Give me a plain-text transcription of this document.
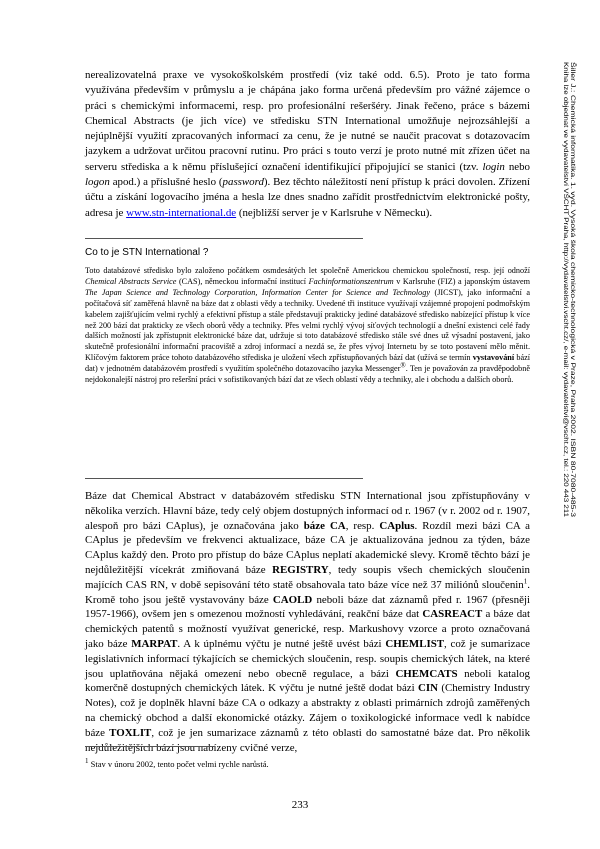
nerealizovatelná praxe ve vysokoškolském prostředí (viz také odd. 6.5). Proto je tato forma využívána především v průmyslu a je chápána jako forma určená především pro vážné zájemce o práci s chemickými informacemi, resp. pro profesionální rešeršéry. Jinak řečeno, práce s bázemi Chemical Abstracts (je jich více) ve středisku STN International umožňuje nejrozsáhlejší a nejúplnější využití zpracovaných informací za cenu, že je nutné se naučit pracovat s dotazovacím jazykem a udržovat určitou pracovní rutinu. Pro práci s touto verzí je proto nutné mít zřízen účet na serveru střediska a k němu příslušející označení identifikující připojující se stanici (tzv. login nebo logon apod.) a příslušné heslo (password). Bez těchto náležitostí není přístup k práci dovolen. Zřízení účtu a získání logovacího jména a hesla lze dnes snadno zařídit prostřednictvím elektronické pošty, adresa je www.stn-international.de (nejbližší server je v Karlsruhe v Německu).
Co to je STN International ?
Toto databázové středisko bylo založeno počátkem osmdesátých let společně Americkou chemickou společností, resp. její odnoží Chemical Abstracts Service (CAS), německou informační institucí Fachinformationszentrum v Karlsruhe (FIZ) a japonským ústavem The Japan Science and Technology Corporation, Information Center for Science and Technology (JICST), jako informační a počítačová síť zaměřená hlavně na báze dat z oblasti vědy a techniky. Uvedené tři instituce využívají vzájemné propojení podmořským kabelem zajišťujícím velmi rychlý a efektivní přístup a stále představují prakticky jediné databázové středisko nabízející přístup k více než 200 bází dat prakticky ze všech oborů vědy a techniky. Přes velmi rychlý vývoj síťových technologií a dnešní existenci celé řady dalších možností jak zpřístupnit elektronické báze dat, udržuje si toto databázové středisko stále své dnes už výsadní postavení, jako skutečně profesionální informační pracoviště a zdroj informací a nezdá se, že přes vývoj Internetu by se toto postavení mělo měnit. Klíčovým faktorem práce tohoto databázového střediska je uložení všech zpřístupňovaných bází dat (užívá se termín vystavování bází dat) v jednotném databázovém prostředí s využitím společného dotazovacího jazyka Messenger®. Ten je považován za pravděpodobně nejdokonalejší nástroj pro rešeršní práci v sofistikovaných bází dat ze všech oblastí vědy a techniky, ale i obchodu a dalších oborů.
Báze dat Chemical Abstract v databázovém středisku STN International jsou zpřístupňovány v několika verzích. Hlavní báze, tedy celý objem dostupných informací od r. 1967 (v r. 2002 od r. 1907, alespoň pro bázi CAplus), je označována jako báze CA, resp. CAplus. Rozdíl mezi bázi CA a CAplus je především ve frekvenci aktualizace, báze CA je aktualizována jednou za týden, báze CAplus každý den. Proto pro přístup do báze CAplus neplatí akademické slevy. Kromě těchto bází je nejdůležitější vícekrát zmiňovaná báze REGISTRY, tedy soupis všech chemických sloučenin majících CAS RN, v době sepisování této statě obsahovala tato báze více než 37 miliónů sloučenin$^1$. Kromě toho jsou ještě vystavovány báze CAOLD neboli báze dat záznamů před r. 1967 (přesněji 1957-1966), ovšem jen s omezenou možností vyhledávání, reakční báze dat CASREACT a báze dat chemických patentů s možností využívat generické, resp. Markushovy vzorce a proto označovaná jako báze MARPAT. A k úplnému výčtu je nutné ještě uvést bázi CHEMLIST, což je sumarizace legislativních informací týkajících se chemických sloučenin, resp. soupis chemických látek, na které jsou uplatňována nějaká omezení nebo obecně regulace, a bázi CHEMCATS neboli katalog komerčně dostupných chemických látek. K výčtu je nutné ještě dodat bázi CIN (Chemistry Industry Notes), což je doplněk hlavní báze CA o odkazy a abstrakty z oblasti primárních zdrojů zaměřených na chemický obchod a další ekonomické otázky. Zájem o toxikologické informace vedl k nabídce báze TOXLIT, což je jen sumarizace záznamů z této oblasti do samostatné báze dat. Pro několik nejdůležitějších bází jsou nabízeny cvičné verze,
$^1$ Stav v únoru 2002, tento počet velmi rychle narůstá.
233
Šiller J.: Chemická informatika. 1. vyd. Vysoká škola chemicko-technologická v Praze, Praha 2002. ISBN 80-7080-485-3
Kniha lze objednat ve vydavatelství VŠCHT Praha, http://vydavatelstvi.vscht.cz/, e-mail: vydavatelstvi@vscht.cz, tel.: 220 443 211
